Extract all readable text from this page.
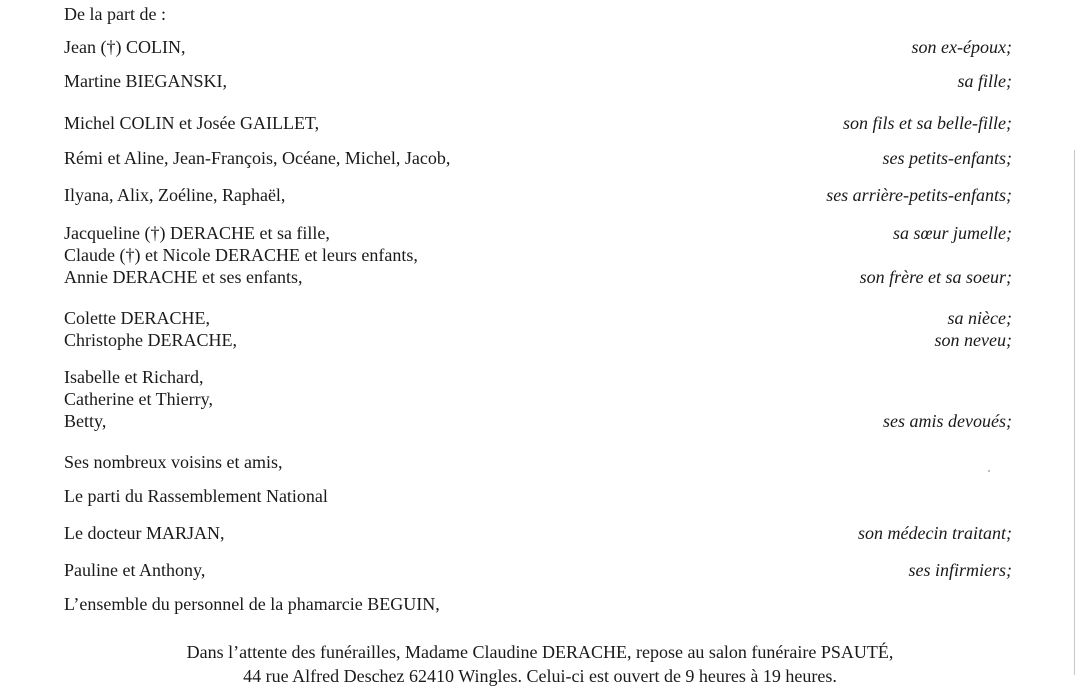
De la part de :
Jean (†) COLIN,	son ex-époux;
Martine BIEGANSKI,	sa fille;
Michel COLIN et Josée GAILLET,	son fils et sa belle-fille;
Rémi et Aline, Jean-François, Océane, Michel, Jacob,	ses petits-enfants;
Ilyana, Alix, Zoéline, Raphaël,	ses arrière-petits-enfants;
Jacqueline (†) DERACHE et sa fille,	sa sœur jumelle;
Claude (†) et Nicole DERACHE et leurs enfants,
Annie DERACHE et ses enfants,	son frère et sa soeur;
Colette DERACHE,	sa nièce;
Christophe DERACHE,	son neveu;
Isabelle et Richard,
Catherine et Thierry,
Betty,	ses amis devoués;
Ses nombreux voisins et amis,
Le parti du Rassemblement National
Le docteur MARJAN,	son médecin traitant;
Pauline et Anthony,	ses infirmiers;
L’ensemble du personnel de la phamarcie BEGUIN,
Dans l’attente des funérailles, Madame Claudine DERACHE, repose au salon funéraire PSAUTÉ,
44 rue Alfred Deschez 62410 Wingles. Celui-ci est ouvert de 9 heures à 19 heures.
